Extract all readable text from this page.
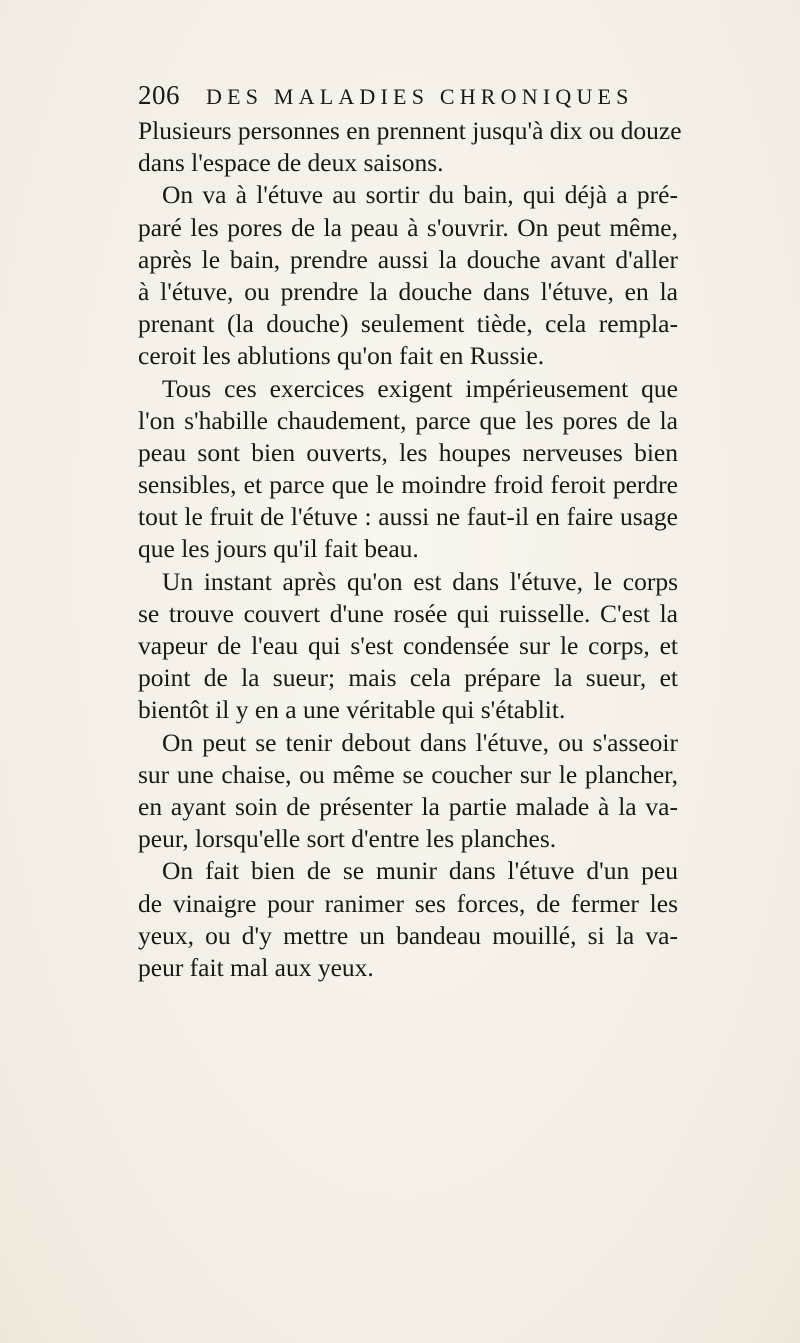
206 DES MALADIES CHRONIQUES
Plusieurs personnes en prennent jusqu'à dix ou douze
dans l'espace de deux saisons.
On va à l'étuve au sortir du bain, qui déjà a pré-
paré les pores de la peau à s'ouvrir. On peut même,
après le bain, prendre aussi la douche avant d'aller
à l'étuve, ou prendre la douche dans l'étuve, en la
prenant (la douche) seulement tiède, cela rempla-
ceroit les ablutions qu'on fait en Russie.
Tous ces exercices exigent impérieusement que
l'on s'habille chaudement, parce que les pores de la
peau sont bien ouverts, les houpes nerveuses bien
sensibles, et parce que le moindre froid feroit perdre
tout le fruit de l'étuve : aussi ne faut-il en faire usage
que les jours qu'il fait beau.
Un instant après qu'on est dans l'étuve, le corps
se trouve couvert d'une rosée qui ruisselle. C'est la
vapeur de l'eau qui s'est condensée sur le corps, et
point de la sueur; mais cela prépare la sueur, et
bientôt il y en a une véritable qui s'établit.
On peut se tenir debout dans l'étuve, ou s'asseoir
sur une chaise, ou même se coucher sur le plancher,
en ayant soin de présenter la partie malade à la va-
peur, lorsqu'elle sort d'entre les planches.
On fait bien de se munir dans l'étuve d'un peu
de vinaigre pour ranimer ses forces, de fermer les
yeux, ou d'y mettre un bandeau mouillé, si la va-
peur fait mal aux yeux.
